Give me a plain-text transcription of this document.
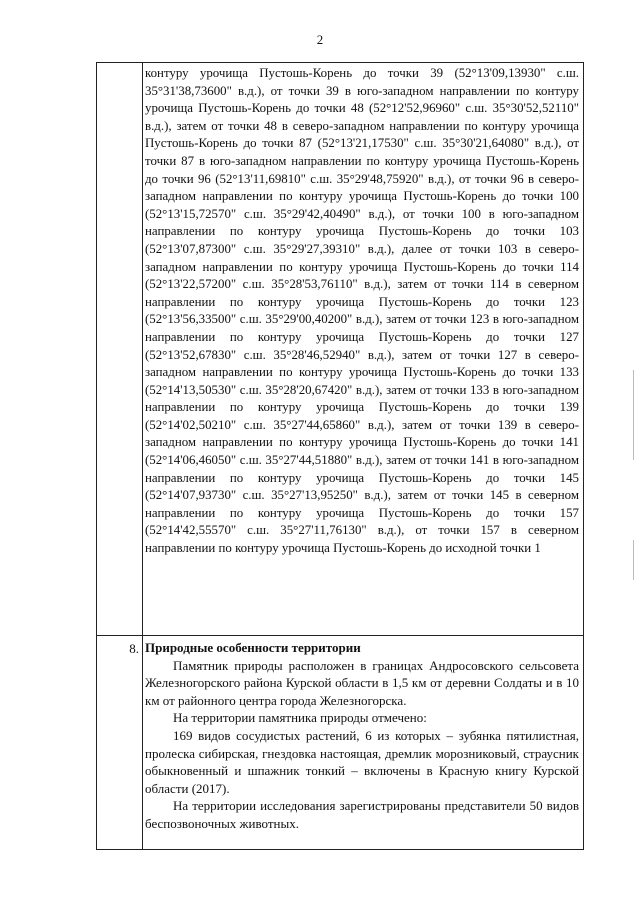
2
контуру урочища Пустошь-Корень до точки 39 (52°13'09,13930" с.ш. 35°31'38,73600" в.д.), от точки 39 в юго-западном направлении по контуру урочища Пустошь-Корень до точки 48 (52°12'52,96960" с.ш. 35°30'52,52110" в.д.), затем от точки 48 в северо-западном направлении по контуру урочища Пустошь-Корень до точки 87 (52°13'21,17530" с.ш. 35°30'21,64080" в.д.), от точки 87 в юго-западном направлении по контуру урочища Пустошь-Корень до точки 96 (52°13'11,69810" с.ш. 35°29'48,75920" в.д.), от точки 96 в северо-западном направлении по контуру урочища Пустошь-Корень до точки 100 (52°13'15,72570" с.ш. 35°29'42,40490" в.д.), от точки 100 в юго-западном направлении по контуру урочища Пустошь-Корень до точки 103 (52°13'07,87300" с.ш. 35°29'27,39310" в.д.), далее от точки 103 в северо-западном направлении по контуру урочища Пустошь-Корень до точки 114 (52°13'22,57200" с.ш. 35°28'53,76110" в.д.), затем от точки 114 в северном направлении по контуру урочища Пустошь-Корень до точки 123 (52°13'56,33500" с.ш. 35°29'00,40200" в.д.), затем от точки 123 в юго-западном направлении по контуру урочища Пустошь-Корень до точки 127 (52°13'52,67830" с.ш. 35°28'46,52940" в.д.), затем от точки 127 в северо-западном направлении по контуру урочища Пустошь-Корень до точки 133 (52°14'13,50530" с.ш. 35°28'20,67420" в.д.), затем от точки 133 в юго-западном направлении по контуру урочища Пустошь-Корень до точки 139 (52°14'02,50210" с.ш. 35°27'44,65860" в.д.), затем от точки 139 в северо-западном направлении по контуру урочища Пустошь-Корень до точки 141 (52°14'06,46050" с.ш. 35°27'44,51880" в.д.), затем от точки 141 в юго-западном направлении по контуру урочища Пустошь-Корень до точки 145 (52°14'07,93730" с.ш. 35°27'13,95250" в.д.), затем от точки 145 в северном направлении по контуру урочища Пустошь-Корень до точки 157 (52°14'42,55570" с.ш. 35°27'11,76130" в.д.), от точки 157 в северном направлении по контуру урочища Пустошь-Корень до исходной точки 1
8. Природные особенности территории

Памятник природы расположен в границах Андросовского сельсовета Железногорского района Курской области в 1,5 км от деревни Солдаты и в 10 км от районного центра города Железногорска.

На территории памятника природы отмечено:

169 видов сосудистых растений, 6 из которых – зубянка пятилистная, пролеска сибирская, гнездовка настоящая, дремлик морозниковый, страусник обыкновенный и шпажник тонкий – включены в Красную книгу Курской области (2017).

На территории исследования зарегистрированы представители 50 видов беспозвоночных животных.
